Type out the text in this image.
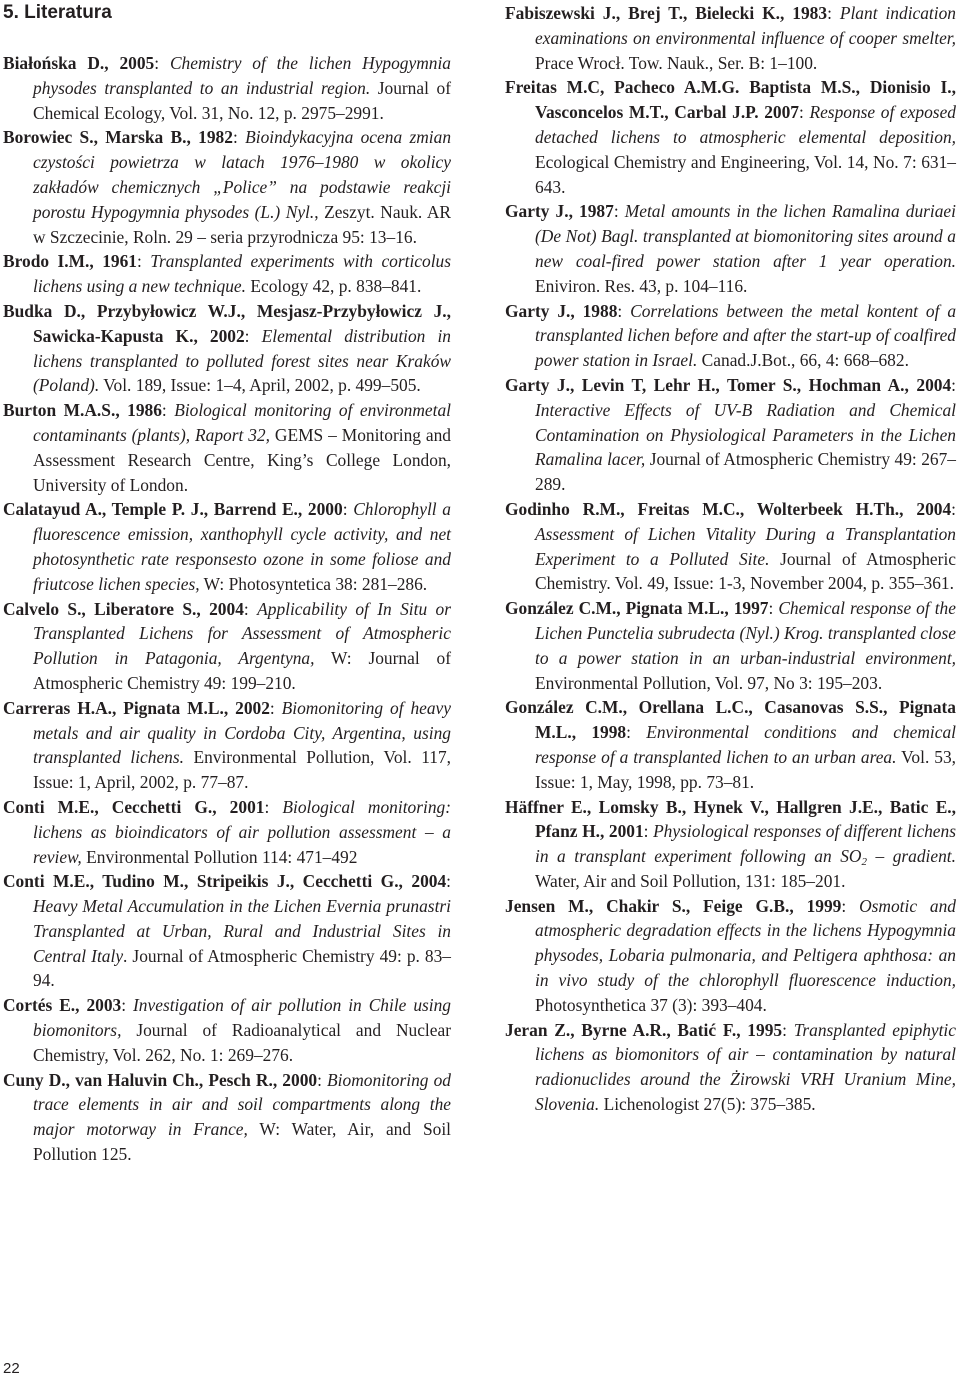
5. Literatura

Białońska D., 2005: Chemistry of the lichen Hypogymnia physodes transplanted to an industrial region. Journal of Chemical Ecology, Vol. 31, No. 12, p. 2975–2991.

Borowiec S., Marska B., 1982: Bioindykacyjna ocena zmian czystości powietrza w latach 1976–1980 w okolicy zakładów chemicznych „Police” na podstawie reakcji porostu Hypogymnia physodes (L.) Nyl., Zeszyt. Nauk. AR w Szczecinie, Roln. 29 – seria przyrodnicza 95: 13–16.

Brodo I.M., 1961: Transplanted experiments with corticolus lichens using a new technique. Ecology 42, p. 838–841.

Budka D., Przybyłowicz W.J., Mesjasz-Przybyłowicz J., Sawicka-Kapusta K., 2002: Elemental distribution in lichens transplanted to polluted forest sites near Kraków (Poland). Vol. 189, Issue: 1–4, April, 2002, p. 499–505.

Burton M.A.S., 1986: Biological monitoring of environmetal contaminants (plants), Raport 32, GEMS – Monitoring and Assessment Research Centre, King’s College London, University of London.

Calatayud A., Temple P. J., Barrend E., 2000: Chlorophyll a fluorescence emission, xanthophyll cycle activity, and net photosynthetic rate responsesto ozone in some foliose and friutcose lichen species, W: Photosyntetica 38: 281–286.

Calvelo S., Liberatore S., 2004: Applicability of In Situ or Transplanted Lichens for Assessment of Atmospheric Pollution in Patagonia, Argentyna, W: Journal of Atmospheric Chemistry 49: 199–210.

Carreras H.A., Pignata M.L., 2002: Biomonitoring of heavy metals and air quality in Cordoba City, Argentina, using transplanted lichens. Environmental Pollution, Vol. 117, Issue: 1, April, 2002, p. 77–87.

Conti M.E., Cecchetti G., 2001: Biological monitoring: lichens as bioindicators of air pollution assessment – a review, Environmental Pollution 114: 471–492

Conti M.E., Tudino M., Stripeikis J., Cecchetti G., 2004: Heavy Metal Accumulation in the Lichen Evernia prunastri Transplanted at Urban, Rural and Industrial Sites in Central Italy. Journal of Atmospheric Chemistry 49: p. 83–94.

Cortés E., 2003: Investigation of air pollution in Chile using biomonitors, Journal of Radioanalytical and Nuclear Chemistry, Vol. 262, No. 1: 269–276.

Cuny D., van Haluvin Ch., Pesch R., 2000: Biomonitoring od trace elements in air and soil compartments along the major motorway in France, W: Water, Air, and Soil Pollution 125.

Fabiszewski J., Brej T., Bielecki K., 1983: Plant indication examinations on environmental influence of cooper smelter, Prace Wrocł. Tow. Nauk., Ser. B: 1–100.

Freitas M.C, Pacheco A.M.G. Baptista M.S., Dionisio I., Vasconcelos M.T., Carbal J.P. 2007: Response of exposed detached lichens to atmospheric elemental deposition, Ecological Chemistry and Engineering, Vol. 14, No. 7: 631–643.

Garty J., 1987: Metal amounts in the lichen Ramalina duriaei (De Not) Bagl. transplanted at biomonitoring sites around a new coal-fired power station after 1 year operation. Eniviron. Res. 43, p. 104–116.

Garty J., 1988: Correlations between the metal kontent of a transplanted lichen before and after the start-up of coalfired power station in Israel. Canad.J.Bot., 66, 4: 668–682.

Garty J., Levin T, Lehr H., Tomer S., Hochman A., 2004: Interactive Effects of UV-B Radiation and Chemical Contamination on Physiological Parameters in the Lichen Ramalina lacer, Journal of Atmospheric Chemistry 49: 267–289.

Godinho R.M., Freitas M.C., Wolterbeek H.Th., 2004: Assessment of Lichen Vitality During a Transplantation Experiment to a Polluted Site. Journal of Atmospheric Chemistry. Vol. 49, Issue: 1-3, November 2004, p. 355–361.

González C.M., Pignata M.L., 1997: Chemical response of the Lichen Punctelia subrudecta (Nyl.) Krog. transplanted close to a power station in an urban-industrial environment, Environmental Pollution, Vol. 97, No 3: 195–203.

González C.M., Orellana L.C., Casanovas S.S., Pignata M.L., 1998: Environmental conditions and chemical response of a transplanted lichen to an urban area. Vol. 53, Issue: 1, May, 1998, pp. 73–81.

Häffner E., Lomsky B., Hynek V., Hallgren J.E., Batic E., Pfanz H., 2001: Physiological responses of different lichens in a transplant experiment following an $SO_2$ – gradient. Water, Air and Soil Pollution, 131: 185–201.

Jensen M., Chakir S., Feige G.B., 1999: Osmotic and atmospheric degradation effects in the lichens Hypogymnia physodes, Lobaria pulmonaria, and Peltigera aphthosa: an in vivo study of the chlorophyll fluorescence induction, Photosynthetica 37 (3): 393–404.

Jeran Z., Byrne A.R., Batić F., 1995: Transplanted epiphytic lichens as biomonitors of air – contamination by natural radionuclides around the Żirowski VRH Uranium Mine, Slovenia. Lichenologist 27(5): 375–385.

22
